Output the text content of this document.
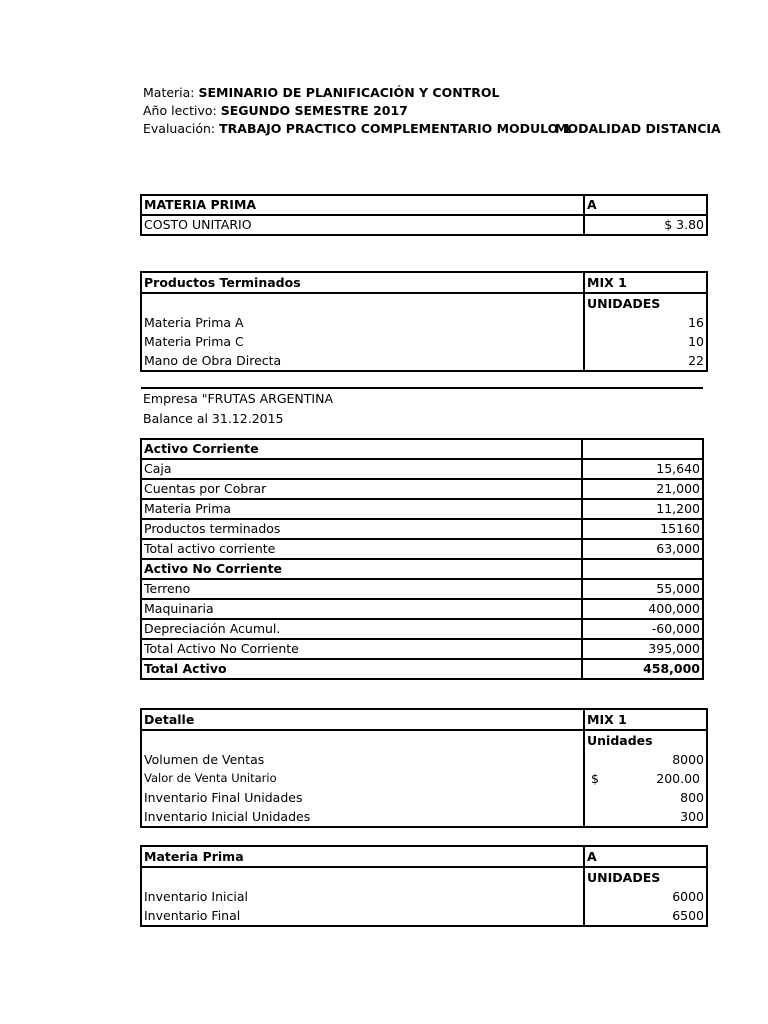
Materia: SEMINARIO DE PLANIFICACIÓN Y CONTROL
Año lectivo: SEGUNDO SEMESTRE 2017
Evaluación: TRABAJO PRACTICO COMPLEMENTARIO MODULO 1
MODALIDAD DISTANCIA
MATERIA PRIMA	A
COSTO UNITARIO	$ 3.80
Productos Terminados	MIX 1
	UNIDADES
Materia Prima A	16
Materia Prima C	10
Mano de Obra Directa	22
Empresa "FRUTAS ARGENTINA	
Balance al 31.12.2015	

Activo Corriente	
Caja	15,640
Cuentas por Cobrar	21,000
Materia Prima	11,200
Productos terminados	15160
Total activo corriente	63,000
Activo No Corriente	
Terreno	55,000
Maquinaria	400,000
Depreciación Acumul.	-60,000
Total Activo No Corriente	395,000
Total Activo	458,000
Detalle	MIX 1
	Unidades
Volumen de Ventas	8000
Valor de Venta Unitario	$ 200.00

Inventario Final Unidades	800
Inventario Inicial Unidades	300
Materia Prima	A
	UNIDADES
Inventario Inicial	6000
Inventario Final	6500
